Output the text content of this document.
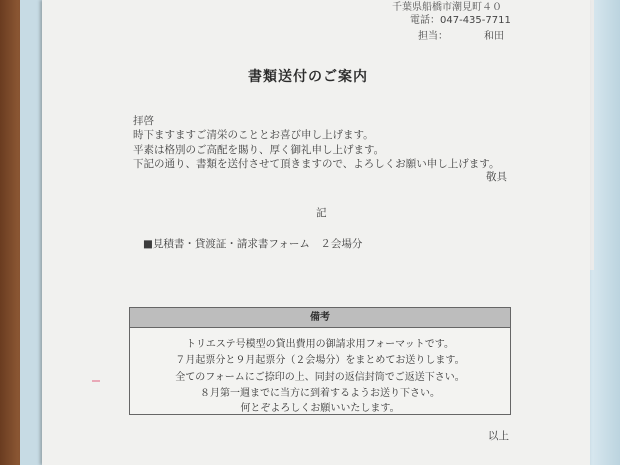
千葉県船橋市潮見町４０
電話：047-435-7711
担当：	和田
書類送付のご案内
拝啓
時下ますますご清栄のこととお喜び申し上げます。
平素は格別のご高配を賜り、厚く御礼申し上げます。
下記の通り、書類を送付させて頂きますので、よろしくお願い申し上げます。
敬具
記
■見積書・貸渡証・請求書フォーム　２会場分
備考
トリエステ号模型の貸出費用の御請求用フォーマットです。
７月起票分と９月起票分（２会場分）をまとめてお送りします。
全てのフォームにご捺印の上、同封の返信封筒でご返送下さい。
８月第一週までに当方に到着するようお送り下さい。
何とぞよろしくお願いいたします。
以上
